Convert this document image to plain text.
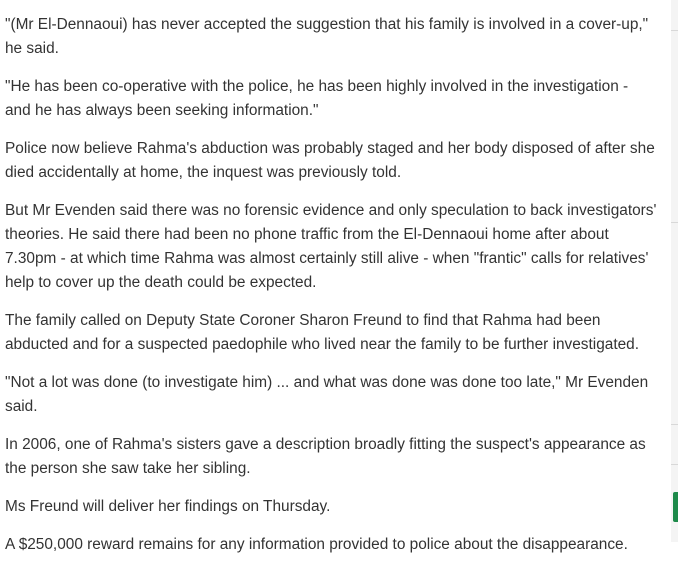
"(Mr El-Dennaoui) has never accepted the suggestion that his family is involved in a cover-up," he said.

"He has been co-operative with the police, he has been highly involved in the investigation - and he has always been seeking information."

Police now believe Rahma's abduction was probably staged and her body disposed of after she died accidentally at home, the inquest was previously told.

But Mr Evenden said there was no forensic evidence and only speculation to back investigators' theories. He said there had been no phone traffic from the El-Dennaoui home after about 7.30pm - at which time Rahma was almost certainly still alive - when "frantic" calls for relatives' help to cover up the death could be expected.

The family called on Deputy State Coroner Sharon Freund to find that Rahma had been abducted and for a suspected paedophile who lived near the family to be further investigated.

"Not a lot was done (to investigate him) ... and what was done was done too late," Mr Evenden said.

In 2006, one of Rahma's sisters gave a description broadly fitting the suspect's appearance as the person she saw take her sibling.

Ms Freund will deliver her findings on Thursday.

A $250,000 reward remains for any information provided to police about the disappearance.
